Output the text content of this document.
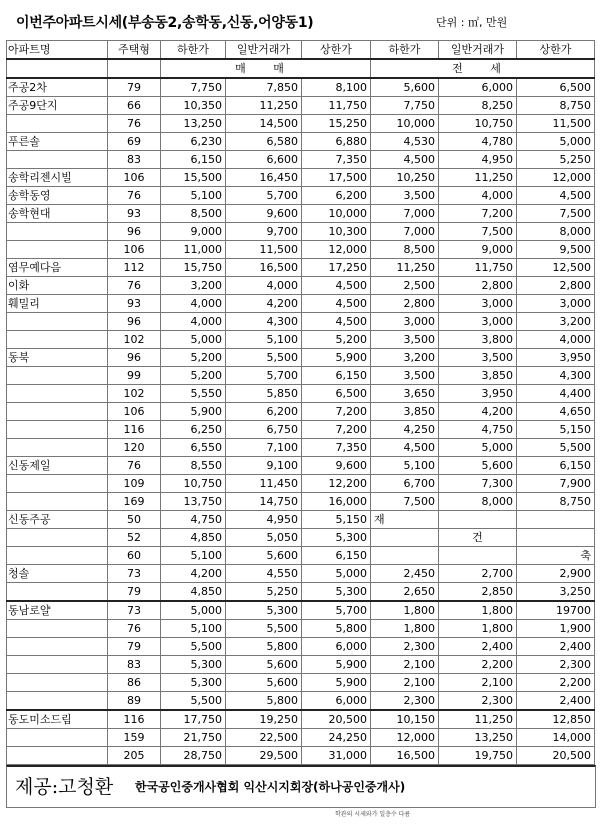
이번주아파트시세(부송동2,송학동,신동,어양동1)	단위 : ㎡, 만원
아파트명	주택형	하한가	일반거래가	상한가	하한가	일반거래가	상한가
		매 매			전 세		
주공2차	79	7,750	7,850	8,100	5,600	6,000	6,500
주공9단지	66	10,350	11,250	11,750	7,750	8,250	8,750
	76	13,250	14,500	15,250	10,000	10,750	11,500
푸른솔	69	6,230	6,580	6,880	4,530	4,780	5,000
	83	6,150	6,600	7,350	4,500	4,950	5,250
송학리젠시빌	106	15,500	16,450	17,500	10,250	11,250	12,000
송학동영	76	5,100	5,700	6,200	3,500	4,000	4,500
송학현대	93	8,500	9,600	10,000	7,000	7,200	7,500
	96	9,000	9,700	10,300	7,000	7,500	8,000
	106	11,000	11,500	12,000	8,500	9,000	9,500
염무예다음	112	15,750	16,500	17,250	11,250	11,750	12,500
이화	76	3,200	4,000	4,500	2,500	2,800	2,800
훼밀리	93	4,000	4,200	4,500	2,800	3,000	3,000
	96	4,000	4,300	4,500	3,000	3,000	3,200
	102	5,000	5,100	5,200	3,500	3,800	4,000
동북	96	5,200	5,500	5,900	3,200	3,500	3,950
	99	5,200	5,700	6,150	3,500	3,850	4,300
	102	5,550	5,850	6,500	3,650	3,950	4,400
	106	5,900	6,200	7,200	3,850	4,200	4,650
	116	6,250	6,750	7,200	4,250	4,750	5,150
	120	6,550	7,100	7,350	4,500	5,000	5,500
신동제일	76	8,550	9,100	9,600	5,100	5,600	6,150
	109	10,750	11,450	12,200	6,700	7,300	7,900
	169	13,750	14,750	16,000	7,500	8,000	8,750
신동주공	50	4,750	4,950	5,150	재		
	52	4,850	5,050	5,300		건	
	60	5,100	5,600	6,150			축
청솔	73	4,200	4,550	5,000	2,450	2,700	2,900
	79	4,850	5,250	5,300	2,650	2,850	3,250
동남로얄	73	5,000	5,300	5,700	1,800	1,800	19700
	76	5,100	5,500	5,800	1,800	1,800	1,900
	79	5,500	5,800	6,000	2,300	2,400	2,400
	83	5,300	5,600	5,900	2,100	2,200	2,300
	86	5,300	5,600	5,900	2,100	2,100	2,200
	89	5,500	5,800	6,000	2,300	2,300	2,400
동도미소드림	116	17,750	19,250	20,500	10,150	11,250	12,850
	159	21,750	22,500	24,250	12,000	13,250	14,000
	205	28,750	29,500	31,000	16,500	19,750	20,500
제공:고청환 한국공인중개사협회 익산시지회장(하나공인중개사)
학관의 시세와가 일층수 다름
